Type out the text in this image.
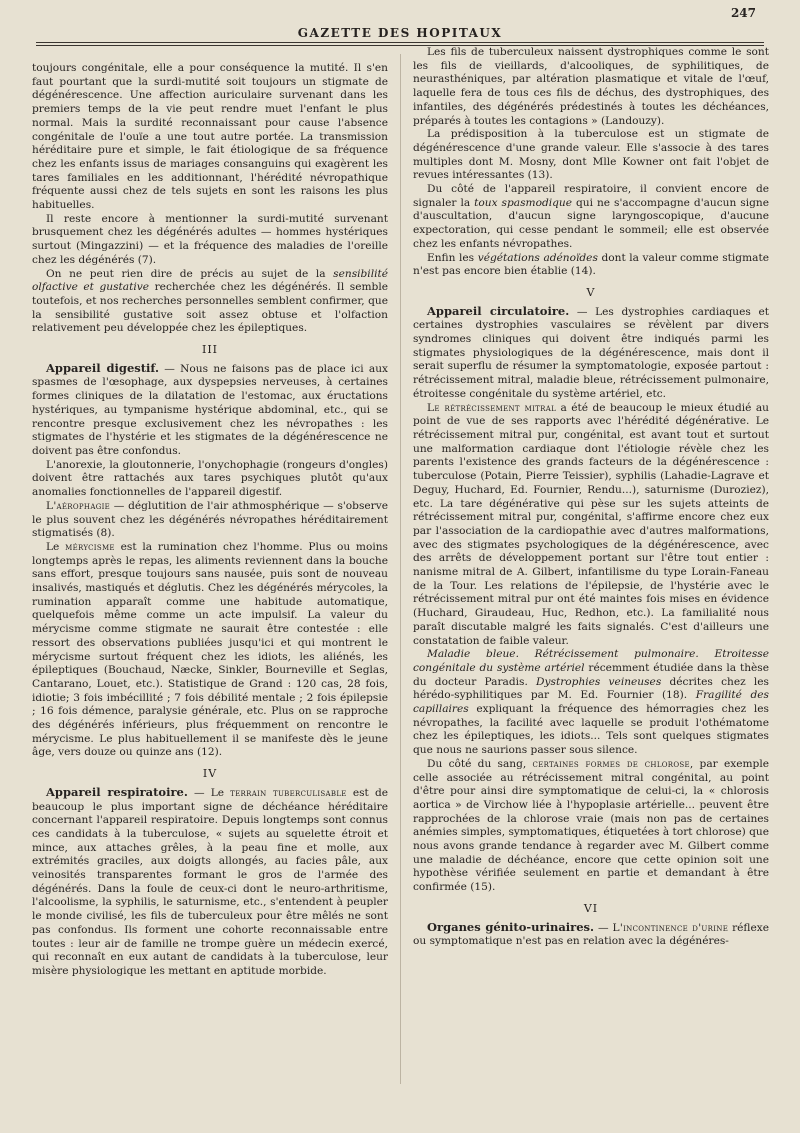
247
GAZETTE DES HOPITAUX

toujours congénitale, elle a pour conséquence la mutité. Il s'en faut pourtant que la surdi-mutité soit toujours un stigmate de dégénérescence. Une affection auriculaire survenant dans les premiers temps de la vie peut rendre muet l'enfant le plus normal. Mais la surdité reconnaissant pour cause l'absence congénitale de l'ouïe a une tout autre portée. La transmission héréditaire pure et simple, le fait étiologique de sa fréquence chez les enfants issus de mariages consanguins qui exagèrent les tares familiales en les additionnant, l'hérédité névropathique fréquente aussi chez de tels sujets en sont les raisons les plus habituelles.

Il reste encore à mentionner la surdi-mutité survenant brusquement chez les dégénérés adultes — hommes hystériques surtout (Mingazzini) — et la fréquence des maladies de l'oreille chez les dégénérés (7).

On ne peut rien dire de précis au sujet de la sensibilité olfactive et gustative recherchée chez les dégénérés. Il semble toutefois, et nos recherches personnelles semblent confirmer, que la sensibilité gustative soit assez obtuse et l'olfaction relativement peu développée chez les épileptiques.

III

Appareil digestif. — Nous ne faisons pas de place ici aux spasmes de l'œsophage, aux dyspepsies nerveuses, à certaines formes cliniques de la dilatation de l'estomac, aux éructations hystériques, au tympanisme hystérique abdominal, etc., qui se rencontre presque exclusivement chez les névropathes : les stigmates de l'hystérie et les stigmates de la dégénérescence ne doivent pas être confondus.

L'anorexie, la gloutonnerie, l'onychophagie (rongeurs d'ongles) doivent être rattachés aux tares psychiques plutôt qu'aux anomalies fonctionnelles de l'appareil digestif.

L'aérophagie — déglutition de l'air athmosphérique — s'observe le plus souvent chez les dégénérés névropathes héréditairement stigmatisés (8).

Le mérycisme est la rumination chez l'homme. Plus ou moins longtemps après le repas, les aliments reviennent dans la bouche sans effort, presque toujours sans nausée, puis sont de nouveau insalivés, mastiqués et déglutis. Chez les dégénérés mérycoles, la rumination apparaît comme une habitude automatique, quelquefois même comme un acte impulsif. La valeur du mérycisme comme stigmate ne saurait être contestée : elle ressort des observations publiées jusqu'ici et qui montrent le mérycisme surtout fréquent chez les idiots, les aliénés, les épileptiques (Bouchaud, Næcke, Sinkler, Bourneville et Seglas, Cantarano, Louet, etc.). Statistique de Grand : 120 cas, 28 fois, idiotie; 3 fois imbécillité ; 7 fois débilité mentale ; 2 fois épilepsie ; 16 fois démence, paralysie générale, etc. Plus on se rapproche des dégénérés inférieurs, plus fréquemment on rencontre le mérycisme. Le plus habituellement il se manifeste dès le jeune âge, vers douze ou quinze ans (12).

IV

Appareil respiratoire. — Le terrain tuberculisable est de beaucoup le plus important signe de déchéance héréditaire concernant l'appareil respiratoire. Depuis longtemps sont connus ces candidats à la tuberculose, « sujets au squelette étroit et mince, aux attaches grêles, à la peau fine et molle, aux extrémités graciles, aux doigts allongés, au facies pâle, aux veinosités transparentes formant le gros de l'armée des dégénérés. Dans la foule de ceux-ci dont le neuro-arthritisme, l'alcoolisme, la syphilis, le saturnisme, etc., s'entendent à peupler le monde civilisé, les fils de tuberculeux pour être mêlés ne sont pas confondus. Ils forment une cohorte reconnaissable entre toutes : leur air de famille ne trompe guère un médecin exercé, qui reconnaît en eux autant de candidats à la tuberculose, leur misère physiologique les mettant en aptitude morbide.

Les fils de tuberculeux naissent dystrophiques comme le sont les fils de vieillards, d'alcooliques, de syphilitiques, de neurasthéniques, par altération plasmatique et vitale de l'œuf, laquelle fera de tous ces fils de déchus, des dystrophiques, des infantiles, des dégénérés prédestinés à toutes les déchéances, préparés à toutes les contagions » (Landouzy).

La prédisposition à la tuberculose est un stigmate de dégénérescence d'une grande valeur. Elle s'associe à des tares multiples dont M. Mosny, dont Mlle Kowner ont fait l'objet de revues intéressantes (13).

Du côté de l'appareil respiratoire, il convient encore de signaler la toux spasmodique qui ne s'accompagne d'aucun signe d'auscultation, d'aucun signe laryngoscopique, d'aucune expectoration, qui cesse pendant le sommeil; elle est observée chez les enfants névropathes.

Enfin les végétations adénoïdes dont la valeur comme stigmate n'est pas encore bien établie (14).

V

Appareil circulatoire. — Les dystrophies cardiaques et certaines dystrophies vasculaires se révèlent par divers syndromes cliniques qui doivent être indiqués parmi les stigmates physiologiques de la dégénérescence, mais dont il serait superflu de résumer la symptomatologie, exposée partout : rétrécissement mitral, maladie bleue, rétrécissement pulmonaire, étroitesse congénitale du système artériel, etc.

Le rétrécissement mitral a été de beaucoup le mieux étudié au point de vue de ses rapports avec l'hérédité dégénérative. Le rétrécissement mitral pur, congénital, est avant tout et surtout une malformation cardiaque dont l'étiologie révèle chez les parents l'existence des grands facteurs de la dégénérescence : tuberculose (Potain, Pierre Teissier), syphilis (Lahadie-Lagrave et Deguy, Huchard, Ed. Fournier, Rendu...), saturnisme (Duroziez), etc. La tare dégénérative qui pèse sur les sujets atteints de rétrécissement mitral pur, congénital, s'affirme encore chez eux par l'association de la cardiopathie avec d'autres malformations, avec des stigmates psychologiques de la dégénérescence, avec des arrêts de développement portant sur l'être tout entier : nanisme mitral de A. Gilbert, infantilisme du type Lorain-Faneau de la Tour. Les relations de l'épilepsie, de l'hystérie avec le rétrécissement mitral pur ont été maintes fois mises en évidence (Huchard, Giraudeau, Huc, Redhon, etc.). La familialité nous paraît discutable malgré les faits signalés. C'est d'ailleurs une constatation de faible valeur.

Maladie bleue. Rétrécissement pulmonaire. Etroitesse congénitale du système artériel récemment étudiée dans la thèse du docteur Paradis. Dystrophies veineuses décrites chez les hérédo-syphilitiques par M. Ed. Fournier (18). Fragilité des capillaires expliquant la fréquence des hémorragies chez les névropathes, la facilité avec laquelle se produit l'othématome chez les épileptiques, les idiots... Tels sont quelques stigmates que nous ne saurions passer sous silence.

Du côté du sang, certaines formes de chlorose, par exemple celle associée au rétrécissement mitral congénital, au point d'être pour ainsi dire symptomatique de celui-ci, la « chlorosis aortica » de Virchow liée à l'hypoplasie artérielle... peuvent être rapprochées de la chlorose vraie (mais non pas de certaines anémies simples, symptomatiques, étiquetées à tort chlorose) que nous avons grande tendance à regarder avec M. Gilbert comme une maladie de déchéance, encore que cette opinion soit une hypothèse vérifiée seulement en partie et demandant à être confirmée (15).

VI

Organes génito-urinaires. — L'incontinence d'urine réflexe ou symptomatique n'est pas en relation avec la dégénéres-
